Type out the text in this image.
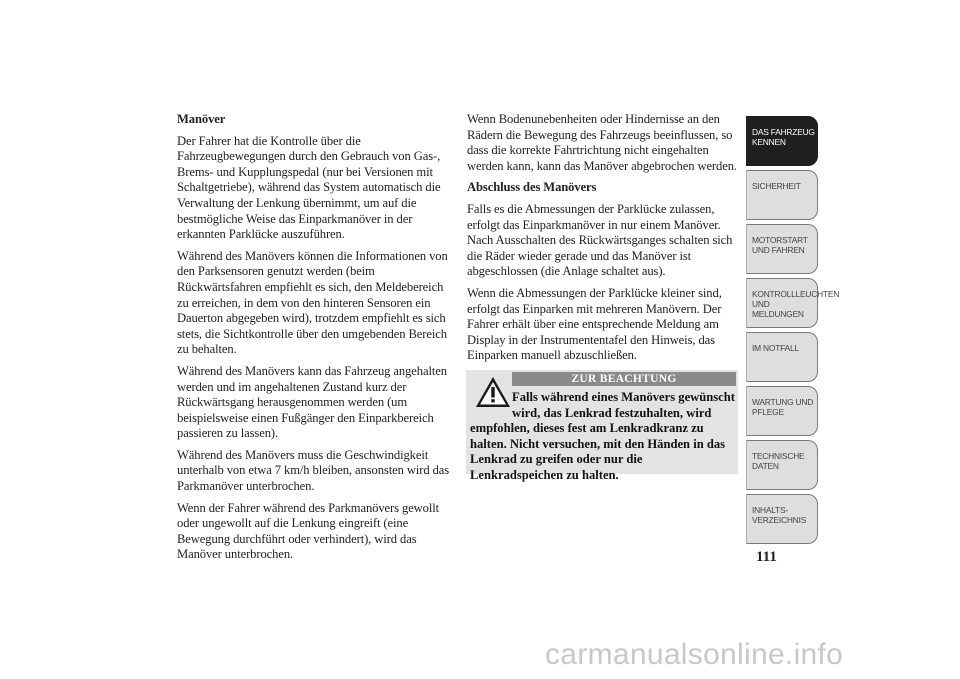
Manöver

Der Fahrer hat die Kontrolle über die Fahrzeugbewegungen durch den Gebrauch von Gas-, Brems- und Kupplungspedal (nur bei Versionen mit Schaltgetriebe), während das System automatisch die Verwaltung der Lenkung übernimmt, um auf die bestmögliche Weise das Einparkmanöver in der erkannten Parklücke auszuführen.

Während des Manövers können die Informationen von den Parksensoren genutzt werden (beim Rückwärtsfahren empfiehlt es sich, den Meldebereich zu erreichen, in dem von den hinteren Sensoren ein Dauerton abgegeben wird), trotzdem empfiehlt es sich stets, die Sichtkontrolle über den umgebenden Bereich zu behalten.

Während des Manövers kann das Fahrzeug angehalten werden und im angehaltenen Zustand kurz der Rückwärtsgang herausgenommen werden (um beispielsweise einen Fußgänger den Einparkbereich passieren zu lassen).

Während des Manövers muss die Geschwindigkeit unterhalb von etwa 7 km/h bleiben, ansonsten wird das Parkmanöver unterbrochen.

Wenn der Fahrer während des Parkmanövers gewollt oder ungewollt auf die Lenkung eingreift (eine Bewegung durchführt oder verhindert), wird das Manöver unterbrochen.

Wenn Bodenunebenheiten oder Hindernisse an den Rädern die Bewegung des Fahrzeugs beeinflussen, so dass die korrekte Fahrtrichtung nicht eingehalten werden kann, kann das Manöver abgebrochen werden.

Abschluss des Manövers

Falls es die Abmessungen der Parklücke zulassen, erfolgt das Einparkmanöver in nur einem Manöver. Nach Ausschalten des Rückwärtsganges schalten sich die Räder wieder gerade und das Manöver ist abgeschlossen (die Anlage schaltet aus).

Wenn die Abmessungen der Parklücke kleiner sind, erfolgt das Einparken mit mehreren Manövern. Der Fahrer erhält über eine entsprechende Meldung am Display in der Instrumententafel den Hinweis, das Einparken manuell abzuschließen.

ZUR BEACHTUNG
Falls während eines Manövers gewünscht wird, das Lenkrad festzuhalten, wird empfohlen, dieses fest am Lenkradkranz zu halten. Nicht versuchen, mit den Händen in das Lenkrad zu greifen oder nur die Lenkradspeichen zu halten.
DAS FAHRZEUG KENNEN
SICHERHEIT
MOTORSTART UND FAHREN
KONTROLLLEUCHTEN UND MELDUNGEN
IM NOTFALL
WARTUNG UND PFLEGE
TECHNISCHE DATEN
INHALTS-VERZEICHNIS
111
carmanualsonline.info
